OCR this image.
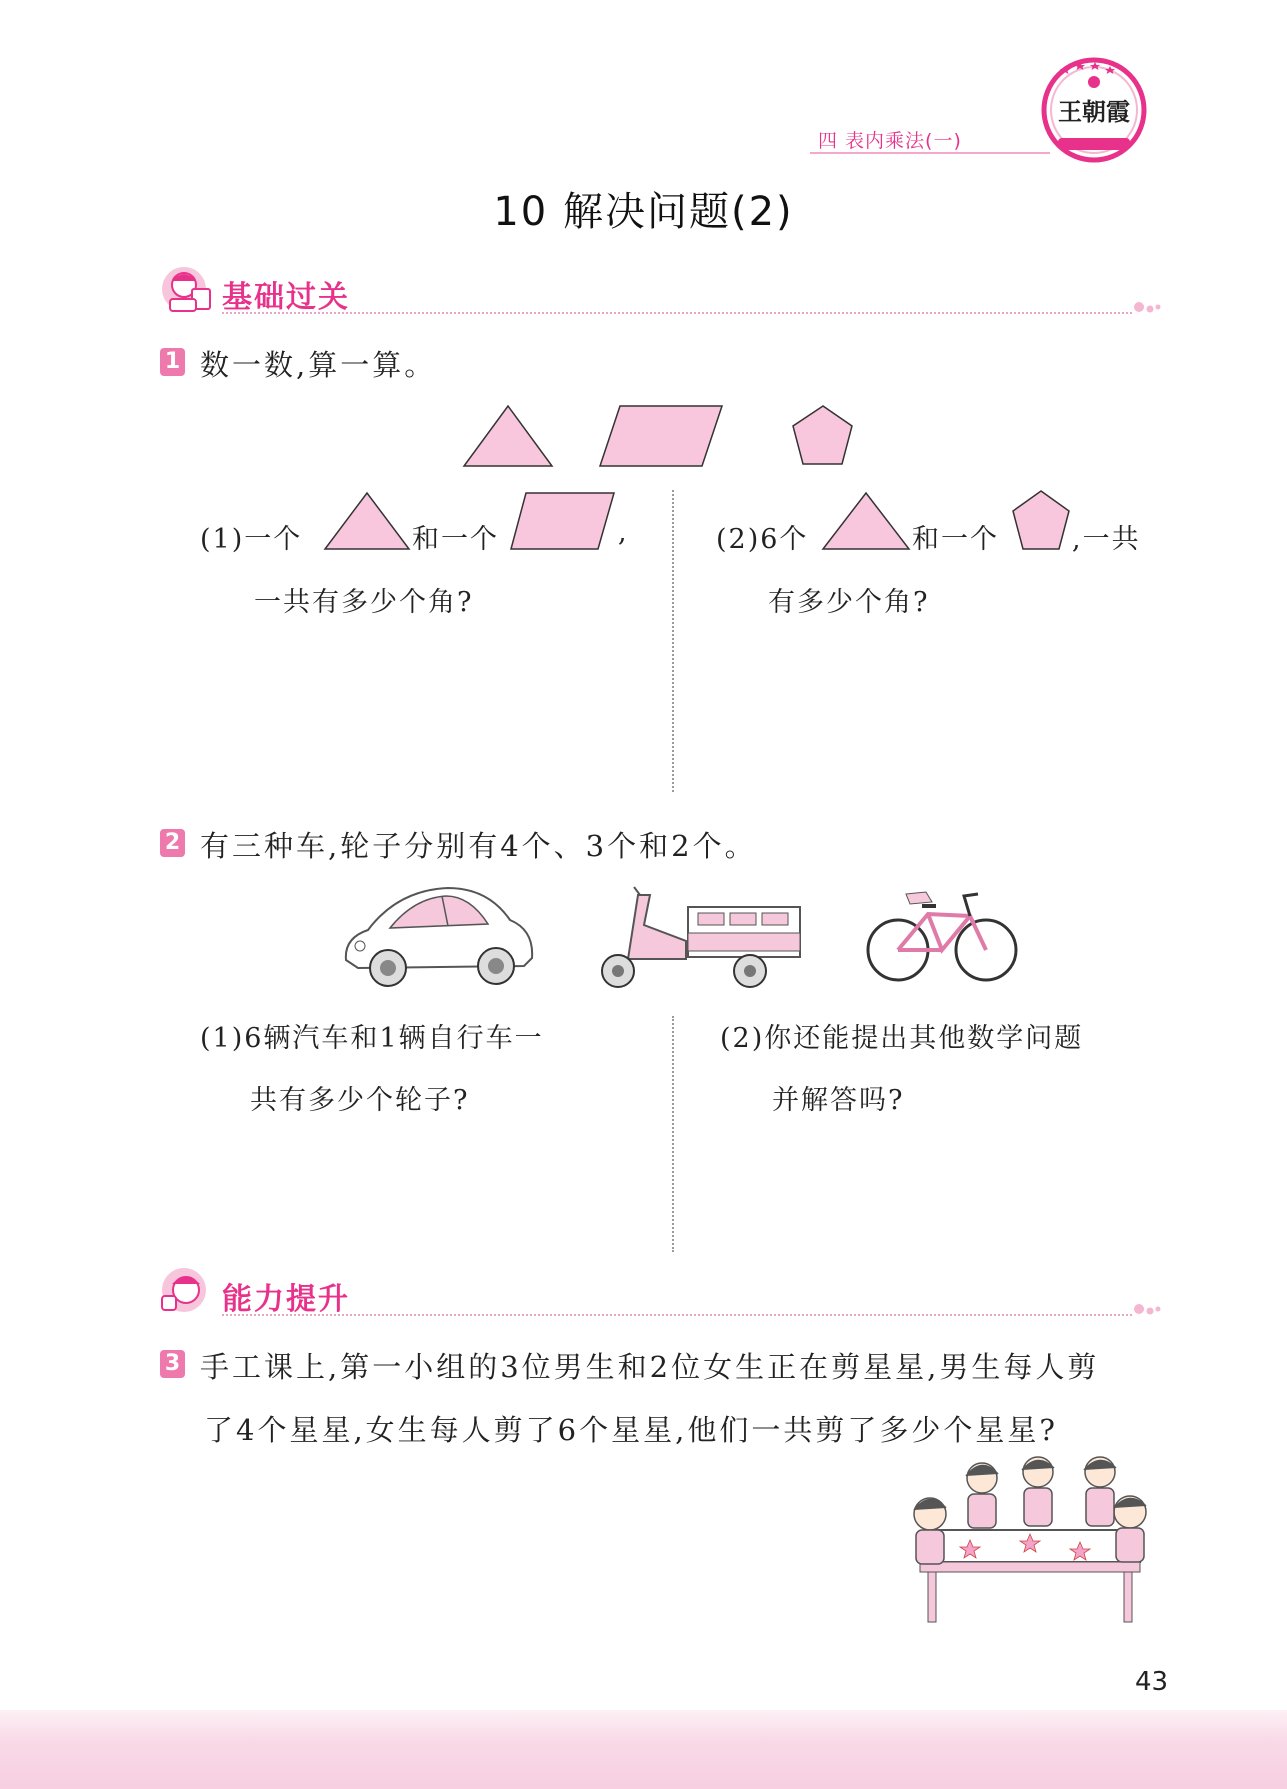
四 表内乘法(一)
王朝霞
10 解决问题(2)
基础过关
1 数一数,算一算。
(1)一个	和一个	,
一共有多少个角?
(2)6个	和一个	,一共
有多少个角?
2 有三种车,轮子分别有4个、3个和2个。
(1)6辆汽车和1辆自行车一
共有多少个轮子?
(2)你还能提出其他数学问题
并解答吗?
能力提升
3 手工课上,第一小组的3位男生和2位女生正在剪星星,男生每人剪
了4个星星,女生每人剪了6个星星,他们一共剪了多少个星星?
43
